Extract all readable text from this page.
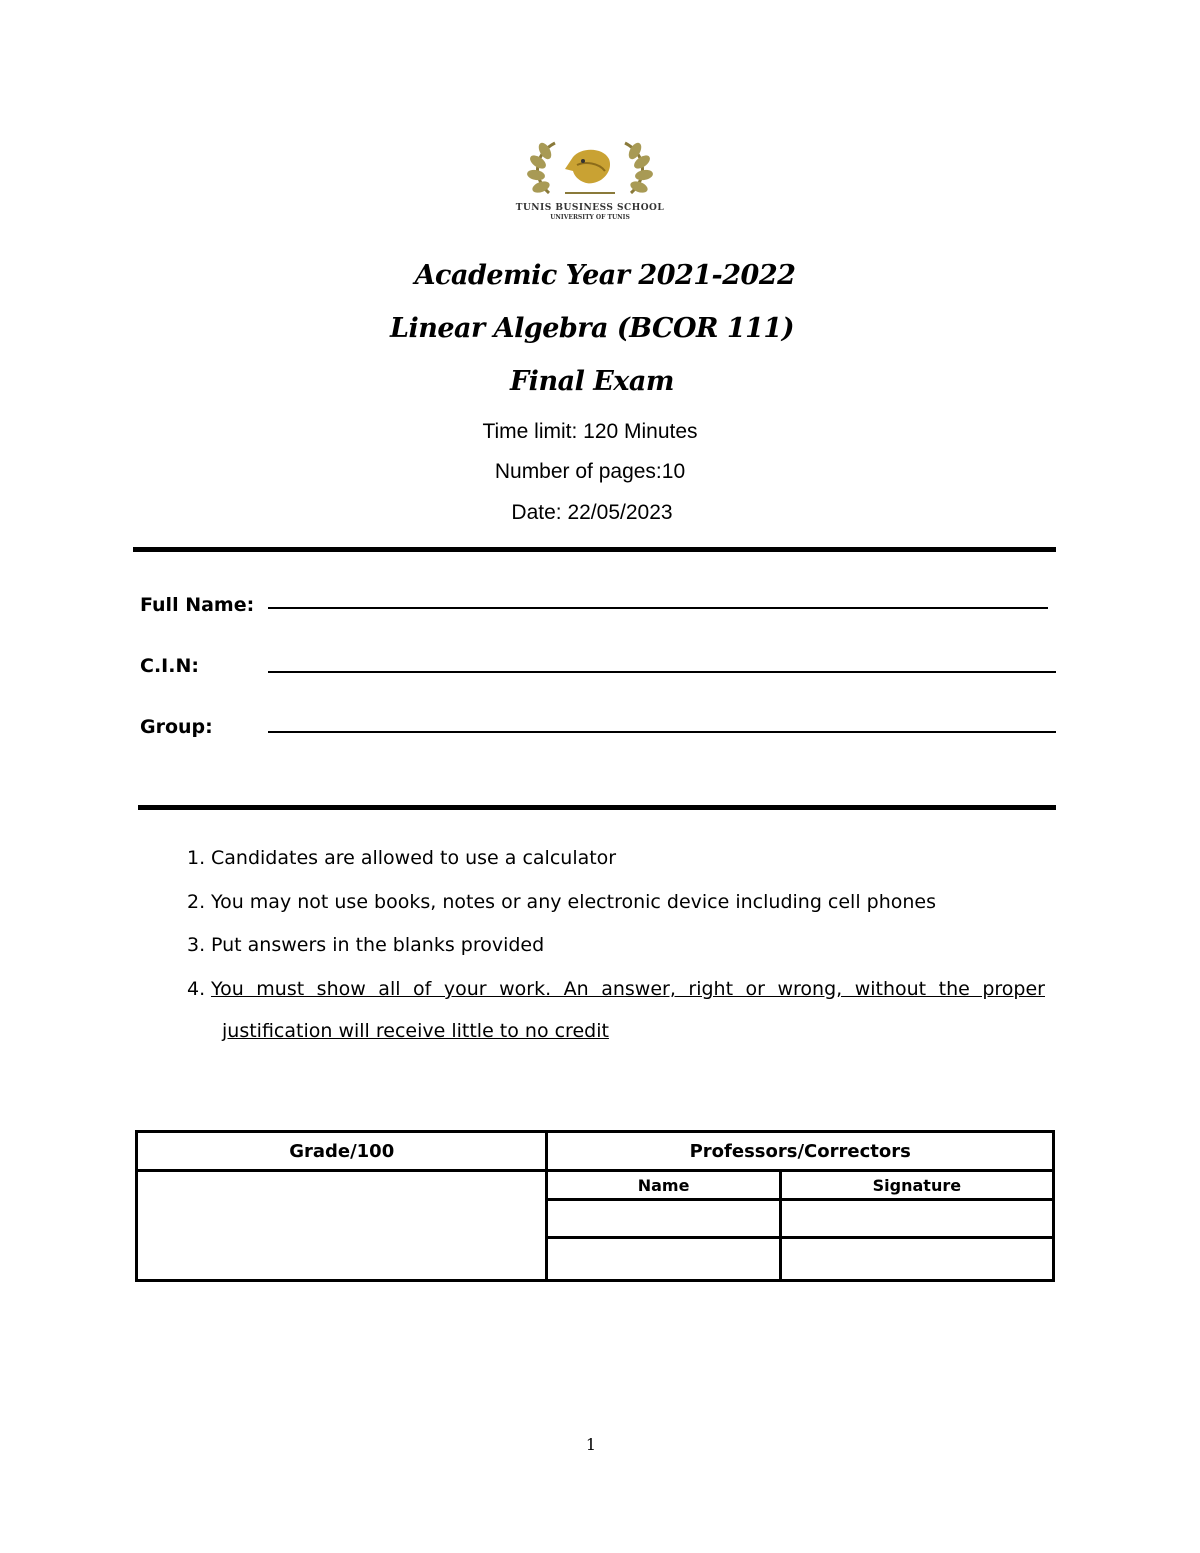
TUNIS BUSINESS SCHOOL
UNIVERSITY OF TUNIS
Academic Year 2021-2022
Linear Algebra (BCOR 111)
Final Exam
Time limit: 120 Minutes
Number of pages:10
Date: 22/05/2023
Full Name:
C.I.N:
Group:
1. Candidates are allowed to use a calculator
2. You may not use books, notes or any electronic device including cell phones
3. Put answers in the blanks provided
4. You must show all of your work. An answer, right or wrong, without the proper
justification will receive little to no credit
Grade/100	Professors/Correctors	
	Name	Signature

1
